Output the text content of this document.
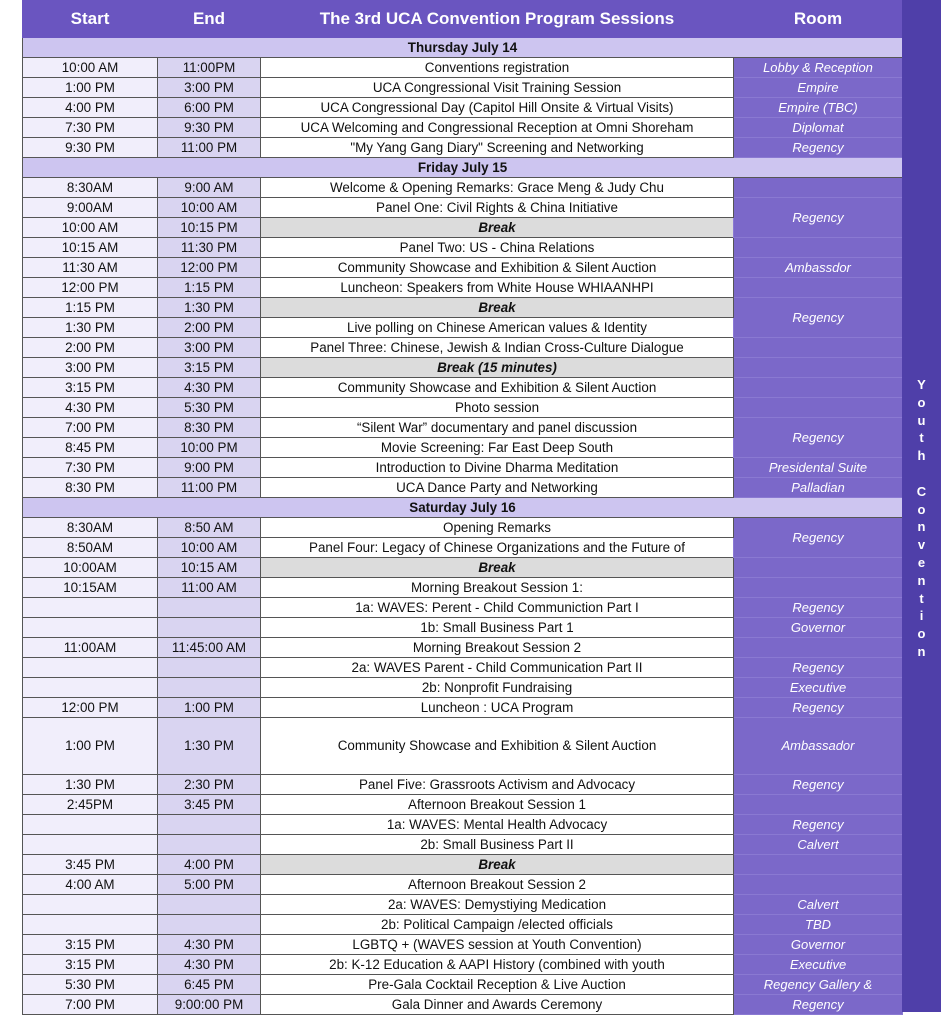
Start	End	The 3rd UCA Convention Program Sessions	Room
Thursday July 14			
10:00 AM	11:00PM	Conventions registration	Lobby & Reception
1:00 PM	3:00 PM	UCA Congressional Visit Training Session	Empire
4:00 PM	6:00 PM	UCA Congressional Day (Capitol Hill Onsite & Virtual Visits)	Empire (TBC)
7:30 PM	9:30 PM	UCA Welcoming and Congressional Reception at Omni Shoreham	Diplomat
9:30 PM	11:00 PM	"My Yang Gang Diary" Screening and Networking	Regency
Friday July 15			
8:30AM	9:00 AM	Welcome & Opening Remarks: Grace Meng & Judy Chu	
9:00AM	10:00 AM	Panel One: Civil Rights & China Initiative	Regency
10:00 AM	10:15 PM	Break	
10:15 AM	11:30 PM	Panel Two: US - China Relations	
11:30 AM	12:00 PM	Community Showcase and Exhibition & Silent Auction	Ambassdor
12:00 PM	1:15 PM	Luncheon: Speakers from White House WHIAANHPI	
1:15 PM	1:30 PM	Break	Regency
1:30 PM	2:00 PM	Live polling on Chinese American values & Identity	
2:00 PM	3:00 PM	Panel Three: Chinese, Jewish & Indian Cross-Culture Dialogue	
3:00 PM	3:15 PM	Break (15 minutes)	
3:15 PM	4:30 PM	Community Showcase and Exhibition & Silent Auction	
4:30 PM	5:30 PM	Photo session	
7:00 PM	8:30 PM	“Silent War” documentary and panel discussion	Regency
8:45 PM	10:00 PM	Movie Screening: Far East Deep South	
7:30 PM	9:00 PM	Introduction to Divine Dharma Meditation	Presidental Suite
8:30 PM	11:00 PM	UCA Dance Party and Networking	Palladian
Saturday July 16			
8:30AM	8:50 AM	Opening Remarks	Regency
8:50AM	10:00 AM	Panel Four: Legacy of Chinese Organizations and the Future of	
10:00AM	10:15 AM	Break	
10:15AM	11:00 AM	Morning Breakout Session 1:	
		1a: WAVES: Perent - Child Communiction Part I	Regency
		1b: Small Business Part 1	Governor
11:00AM	11:45:00 AM	Morning Breakout Session 2	
		2a: WAVES Parent - Child Communication Part II	Regency
		2b: Nonprofit Fundraising	Executive
12:00 PM	1:00 PM	Luncheon : UCA Program	Regency
1:00 PM	1:30 PM	Community Showcase and Exhibition & Silent Auction	Ambassador
1:30 PM	2:30 PM	Panel Five: Grassroots Activism and Advocacy	Regency
2:45PM	3:45 PM	Afternoon Breakout Session 1	
		1a: WAVES: Mental Health Advocacy	Regency
		2b: Small Business Part II	Calvert
3:45 PM	4:00 PM	Break	
4:00 AM	5:00 PM	Afternoon Breakout Session 2	
		2a: WAVES: Demystiying Medication	Calvert
		2b: Political Campaign /elected officials	TBD
3:15 PM	4:30 PM	LGBTQ + (WAVES session at Youth Convention)	Governor
3:15 PM	4:30 PM	2b: K-12 Education & AAPI History (combined with youth	Executive
5:30 PM	6:45 PM	Pre-Gala Cocktail Reception & Live Auction	Regency Gallery &
7:00 PM	9:00:00 PM	Gala Dinner and Awards Ceremony	Regency
Y
o
u
t
h

C
o
n
v
e
n
t
i
o
n
